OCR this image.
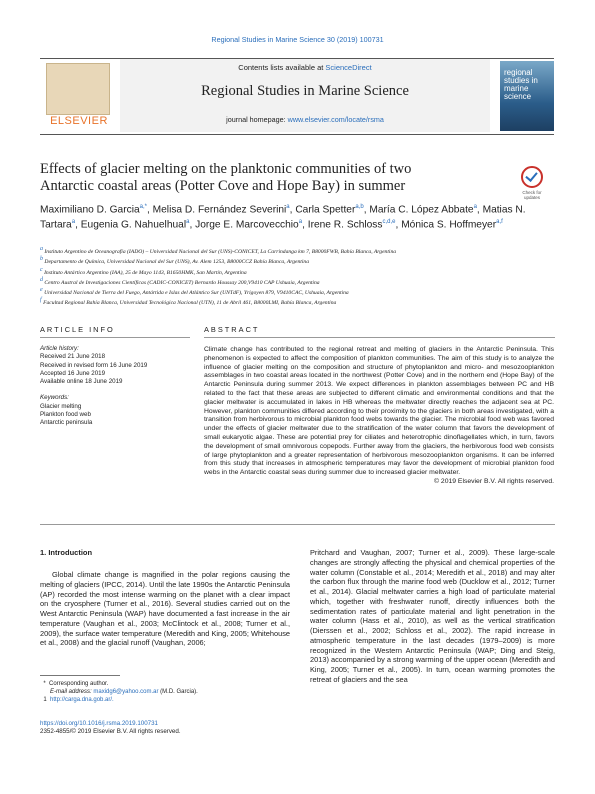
Regional Studies in Marine Science 30 (2019) 100731
ELSEVIER
Contents lists available at ScienceDirect
Regional Studies in Marine Science
journal homepage: www.elsevier.com/locate/rsma
regional studies in marine science
Effects of glacier melting on the planktonic communities of two Antarctic coastal areas (Potter Cove and Hope Bay) in summer	Check for updates
Maximiliano D. Garcia$^{a,*}$, Melisa D. Fernández Severini$^a$, Carla Spetter$^{a,b}$, María C. López Abbate$^a$, Matias N. Tartara$^a$, Eugenia G. Nahuelhual$^a$, Jorge E. Marcovecchio$^a$, Irene R. Schloss$^{c,d,e}$, Mónica S. Hoffmeyer$^{a,f}$
$^a$ Instituto Argentino de Oceanografía (IADO) – Universidad Nacional del Sur (UNS)-CONICET, La Carrindanga km 7, B8000FWB, Bahía Blanca, Argentina
$^b$ Departamento de Química, Universidad Nacional del Sur (UNS), Av. Alem 1253, B8000CCZ Bahía Blanca, Argentina
$^c$ Instituto Antártico Argentino (IAA), 25 de Mayo 1143, B1650HMK, San Martín, Argentina
$^d$ Centro Austral de Investigaciones Científicas (CADIC-CONICET) Bernardo Houssay 200,V9410 CAP Ushuaia, Argentina
$^e$ Universidad Nacional de Tierra del Fuego, Antártida e Islas del Atlántico Sur (UNTdF), Yrigoyen 879, V9410CAC, Ushuaia, Argentina
$^f$ Facultad Regional Bahía Blanca, Universidad Tecnológica Nacional (UTN), 11 de Abril 461, B8000LMI, Bahía Blanca, Argentina
ARTICLE INFO	ABSTRACT
Article history:
Received 21 June 2018
Received in revised form 16 June 2019
Accepted 16 June 2019
Available online 18 June 2019
Keywords:
Glacier melting
Plankton food web
Antarctic peninsula

Climate change has contributed to the regional retreat and melting of glaciers in the Antarctic Peninsula. This phenomenon is expected to affect the composition of plankton communities. The aim of this study is to analyze the influence of glacier melting on the composition and structure of phytoplankton and micro- and mesozooplankton assemblages in two coastal areas located in the northwest (Potter Cove) and in the northern end (Hope Bay) of the Antarctic Peninsula during summer 2013. We expect differences in plankton assemblages between PC and HB related to the fact that these areas are subjected to different climatic and environmental conditions and that the glacier meltwater is accumulated in lakes in HB whereas the meltwater directly reaches the adjacent sea at PC. However, plankton communities differed according to their proximity to the glaciers in both areas investigated, with a transition from herbivorous to microbial plankton food webs towards the glacier. The microbial food web was favored under the effects of glacier meltwater due to the stratification of the water column that favors the development of small eukaryotic algae. These are potential prey for ciliates and heterotrophic dinoflagellates which, in turn, favors the development of small omnivorous copepods. Further away from the glaciers, the herbivorous food web consists of large phytoplankton and a greater representation of herbivorous mesozooplankton organisms. It can be inferred from this study that increases in atmospheric temperatures may favor the development of microbial plankton food webs in the Antarctic coastal seas during summer due to increased glacier meltwater.

© 2019 Elsevier B.V. All rights reserved.

1. Introduction

Global climate change is magnified in the polar regions causing the melting of glaciers (IPCC, 2014). Until the late 1990s the Antarctic Peninsula (AP) recorded the most intense warming on the planet with a clear impact on the cryosphere (Turner et al., 2016). Several studies carried out on the West Antarctic Peninsula (WAP) have documented a fast increase in the air temperature (Vaughan et al., 2003; McClintock et al., 2008; Turner et al., 2009), the surface water temperature (Meredith and King, 2005; Whitehouse et al., 2008) and the glacial runoff (Vaughan, 2006;

Pritchard and Vaughan, 2007; Turner et al., 2009). These large-scale changes are strongly affecting the physical and chemical properties of the water column (Constable et al., 2014; Meredith et al., 2018) and may alter the carbon flux through the marine food web (Ducklow et al., 2012; Turner et al., 2014). Glacial meltwater carries a high load of particulate material which, together with freshwater runoff, directly influences both the sedimentation rates of particulate material and light penetration in the water column (Hass et al., 2010), as well as the vertical stratification (Dierssen et al., 2002; Schloss et al., 2002). The rapid increase in atmospheric temperature in the last decades (1979–2009) is more recognized in the Western Antarctic Peninsula (WAP; Ding and Steig, 2013) accompanied by a strong warming of the upper ocean (Meredith and King, 2005; Turner et al., 2005). In turn, ocean warming promotes the retreat of glaciers and the sea

*  Corresponding author.
E-mail address: maxidg6@yahoo.com.ar (M.D. Garcia).
1  http://carga.dna.gob.ar/.
https://doi.org/10.1016/j.rsma.2019.100731
2352-4855/© 2019 Elsevier B.V. All rights reserved.
